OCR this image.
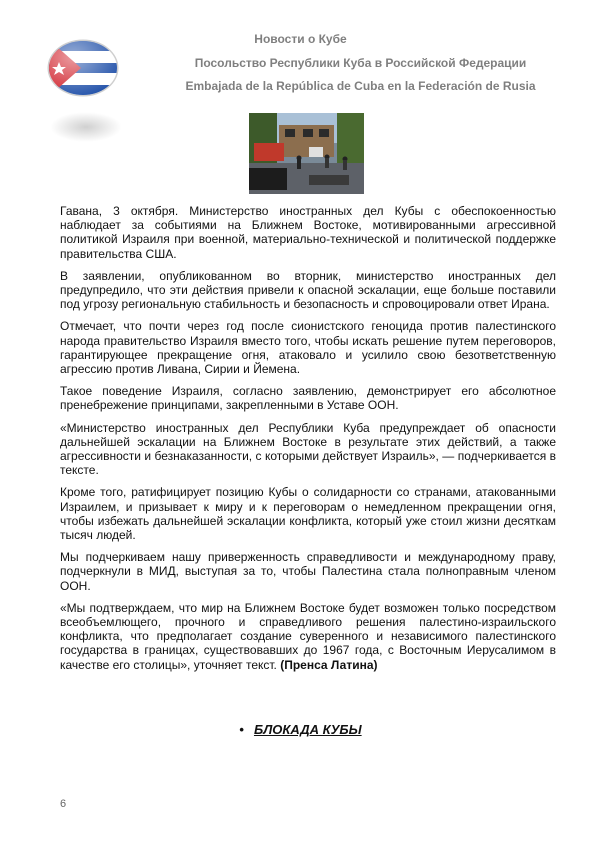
Новости о Кубе
Посольство Республики Куба в Российской Федерации
Embajada de la República de Cuba en la Federación de Rusia

Гавана, 3 октября. Министерство иностранных дел Кубы с обеспокоенностью наблюдает за событиями на Ближнем Востоке, мотивированными агрессивной политикой Израиля при военной, материально-технической и политической поддержке правительства США.

В заявлении, опубликованном во вторник, министерство иностранных дел предупредило, что эти действия привели к опасной эскалации, еще больше поставили под угрозу региональную стабильность и безопасность и спровоцировали ответ Ирана.

Отмечает, что почти через год после сионистского геноцида против палестинского народа правительство Израиля вместо того, чтобы искать решение путем переговоров, гарантирующее прекращение огня, атаковало и усилило свою безответственную агрессию против Ливана, Сирии и Йемена.

Такое поведение Израиля, согласно заявлению, демонстрирует его абсолютное пренебрежение принципами, закрепленными в Уставе ООН.

«Министерство иностранных дел Республики Куба предупреждает об опасности дальнейшей эскалации на Ближнем Востоке в результате этих действий, а также агрессивности и безнаказанности, с которыми действует Израиль», — подчеркивается в тексте.

Кроме того, ратифицирует позицию Кубы о солидарности со странами, атакованными Израилем, и призывает к миру и к переговорам о немедленном прекращении огня, чтобы избежать дальнейшей эскалации конфликта, который уже стоил жизни десяткам тысяч людей.

Мы подчеркиваем нашу приверженность справедливости и международному праву, подчеркнули в МИД, выступая за то, чтобы Палестина стала полноправным членом ООН.

«Мы подтверждаем, что мир на Ближнем Востоке будет возможен только посредством всеобъемлющего, прочного и справедливого решения палестино-израильского конфликта, что предполагает создание суверенного и независимого палестинского государства в границах, существовавших до 1967 года, с Восточным Иерусалимом в качестве его столицы», уточняет текст. (Пренса Латина)

• БЛОКАДА КУБЫ
6
